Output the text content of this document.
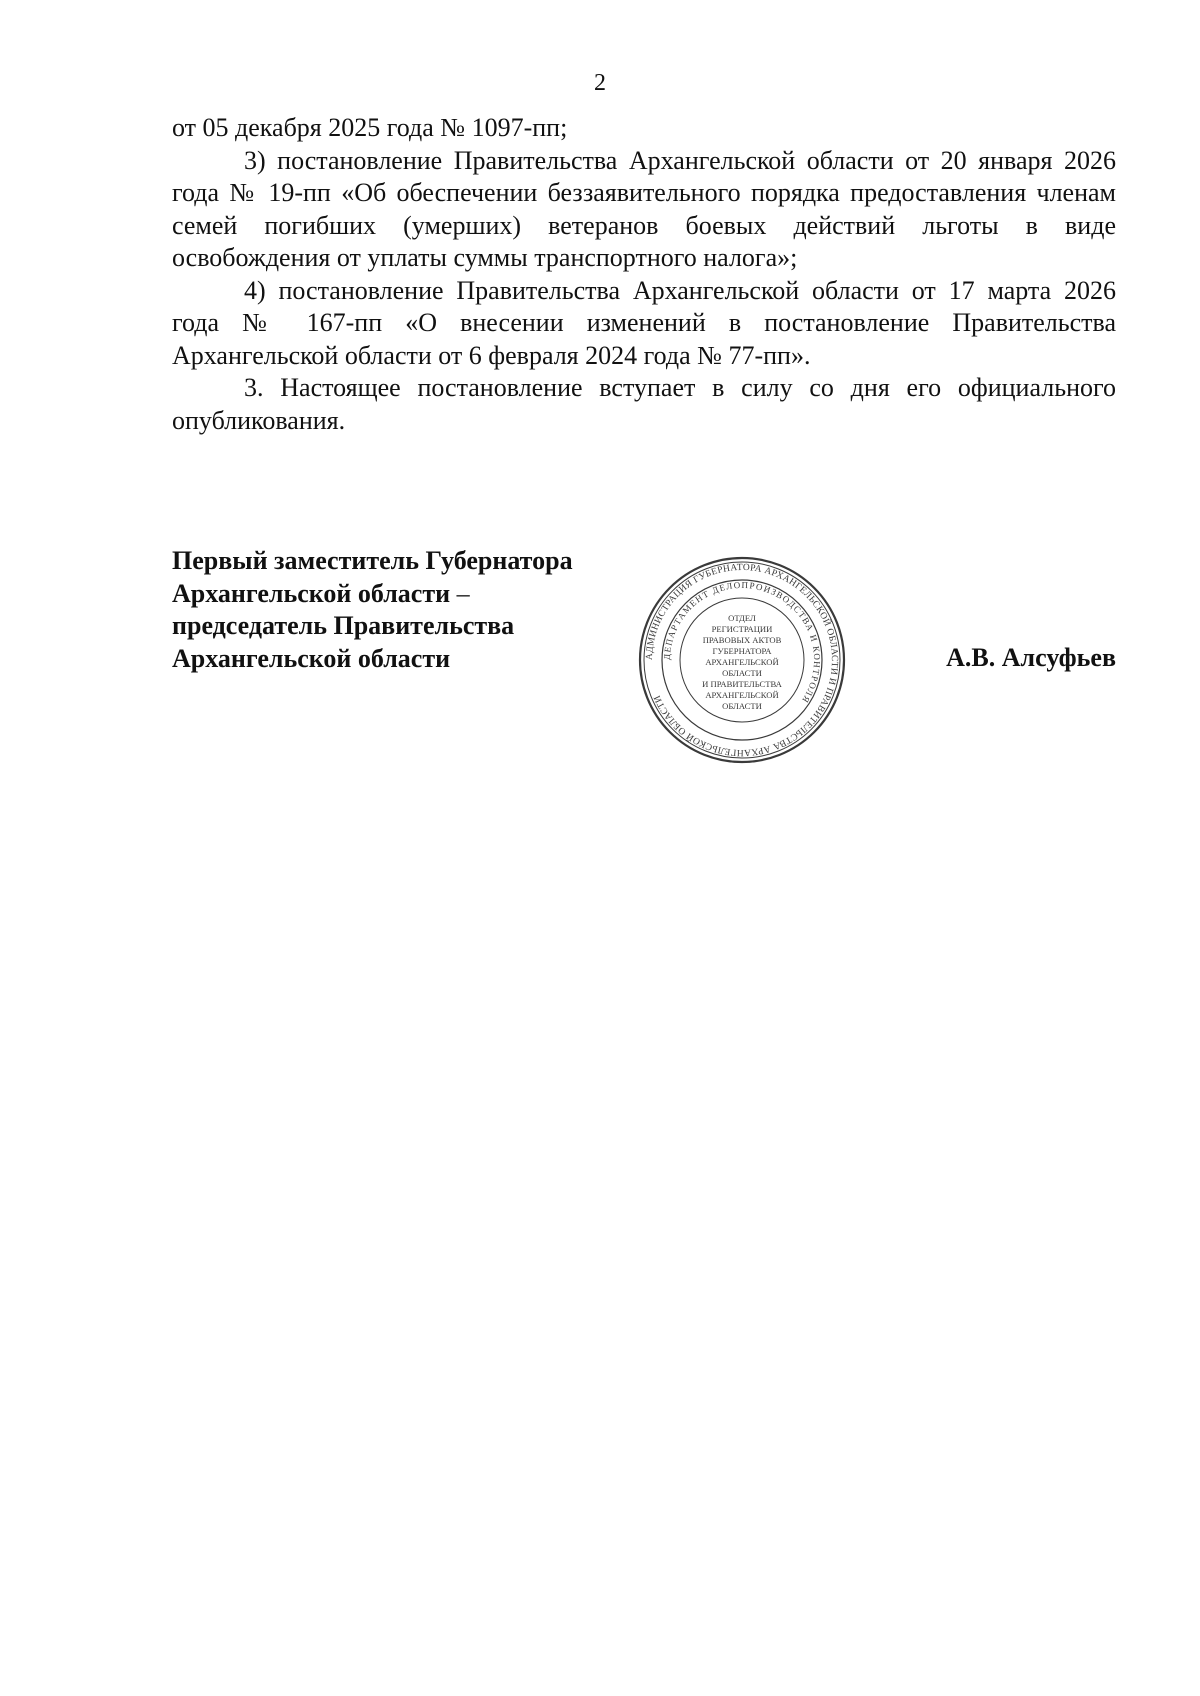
2

от 05 декабря 2025 года № 1097-пп;

3) постановление Правительства Архангельской области от 20 января 2026 года № 19-пп «Об обеспечении беззаявительного порядка предоставления членам семей погибших (умерших) ветеранов боевых действий льготы в виде освобождения от уплаты суммы транспортного налога»;

4) постановление Правительства Архангельской области от 17 марта 2026 года № 167-пп «О внесении изменений в постановление Правительства Архангельской области от 6 февраля 2024 года № 77-пп».

3. Настоящее постановление вступает в силу со дня его официального опубликования.

Первый заместитель Губернатора
Архангельской области –
председатель Правительства
Архангельской области	АДМИНИСТРАЦИЯ ГУБЕРНАТОРА АРХАНГЕЛЬСКОЙ ОБЛАСТИ И ПРАВИТЕЛЬСТВА АРХАНГЕЛЬСКОЙ ОБЛАСТИ
ДЕПАРТАМЕНТ ДЕЛОПРОИЗВОДСТВА И КОНТРОЛЯ
ОТДЕЛ
РЕГИСТРАЦИИ
ПРАВОВЫХ АКТОВ
ГУБЕРНАТОРА
АРХАНГЕЛЬСКОЙ
ОБЛАСТИ
И ПРАВИТЕЛЬСТВА
АРХАНГЕЛЬСКОЙ
ОБЛАСТИ
А.В. Алсуфьев
